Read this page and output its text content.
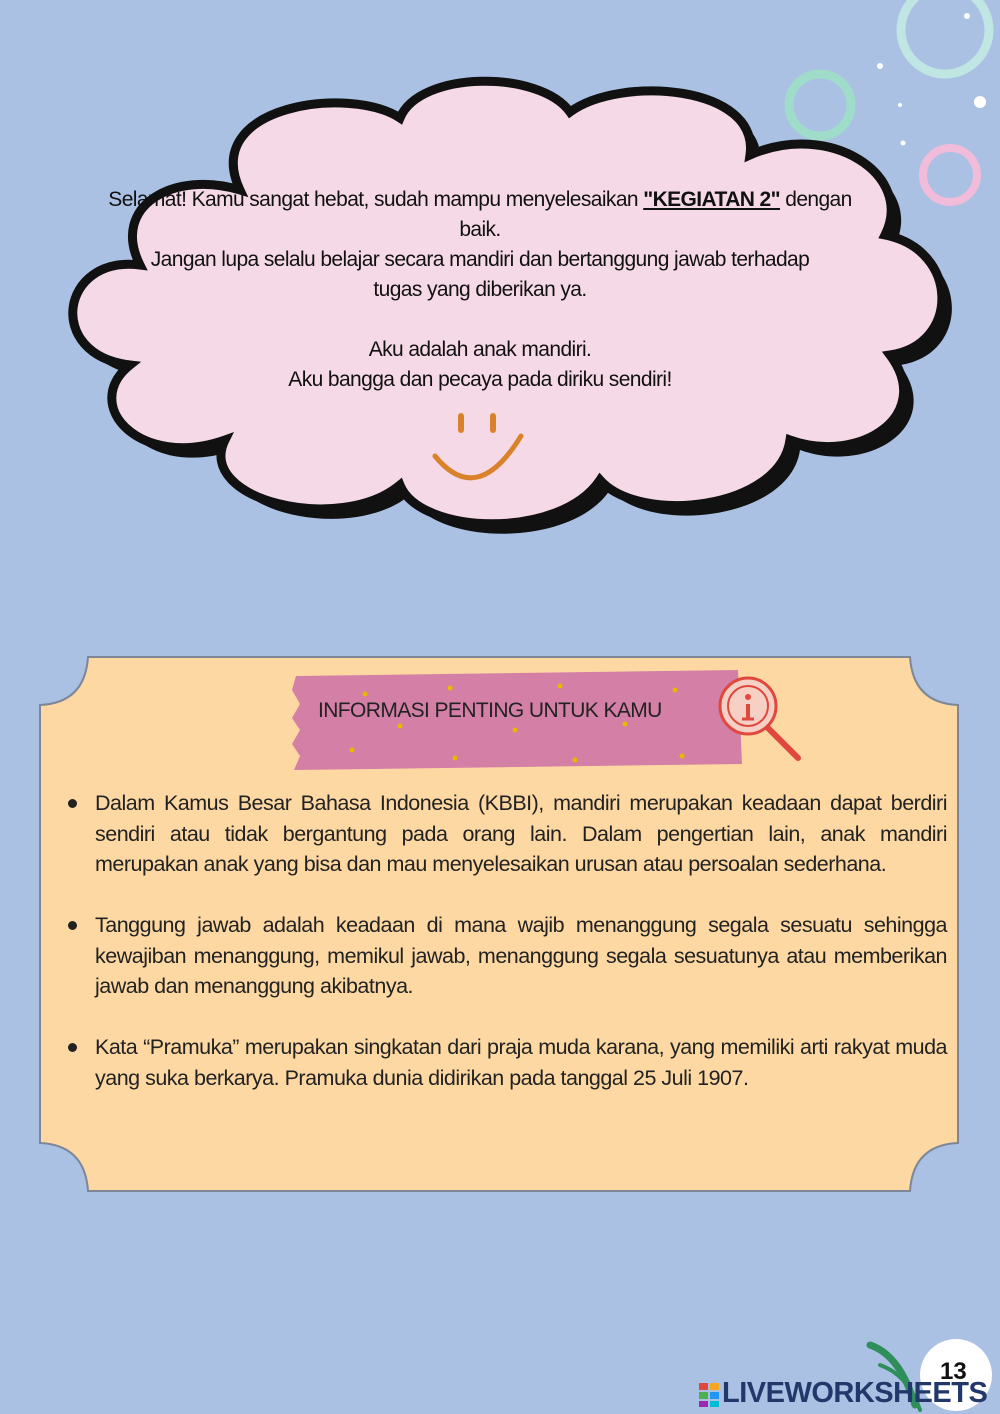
Selamat! Kamu sangat hebat, sudah mampu menyelesaikan "KEGIATAN 2" dengan baik.

Jangan lupa selalu belajar secara mandiri dan bertanggung jawab terhadap tugas yang diberikan ya.

Aku adalah anak mandiri.

Aku bangga dan pecaya pada diriku sendiri!

INFORMASI PENTING UNTUK KAMU
Dalam Kamus Besar Bahasa Indonesia (KBBI), mandiri merupakan keadaan dapat berdiri sendiri atau tidak bergantung pada orang lain. Dalam pengertian lain, anak mandiri merupakan anak yang bisa dan mau menyelesaikan urusan atau persoalan sederhana.
Tanggung jawab adalah keadaan di mana wajib menanggung segala sesuatu sehingga kewajiban menanggung, memikul jawab, menanggung segala sesuatunya atau memberikan jawab dan menanggung akibatnya.
Kata “Pramuka” merupakan singkatan dari praja muda karana, yang memiliki arti rakyat muda yang suka berkarya. Pramuka dunia didirikan pada tanggal 25 Juli 1907.
13
LIVEWORKSHEETS
